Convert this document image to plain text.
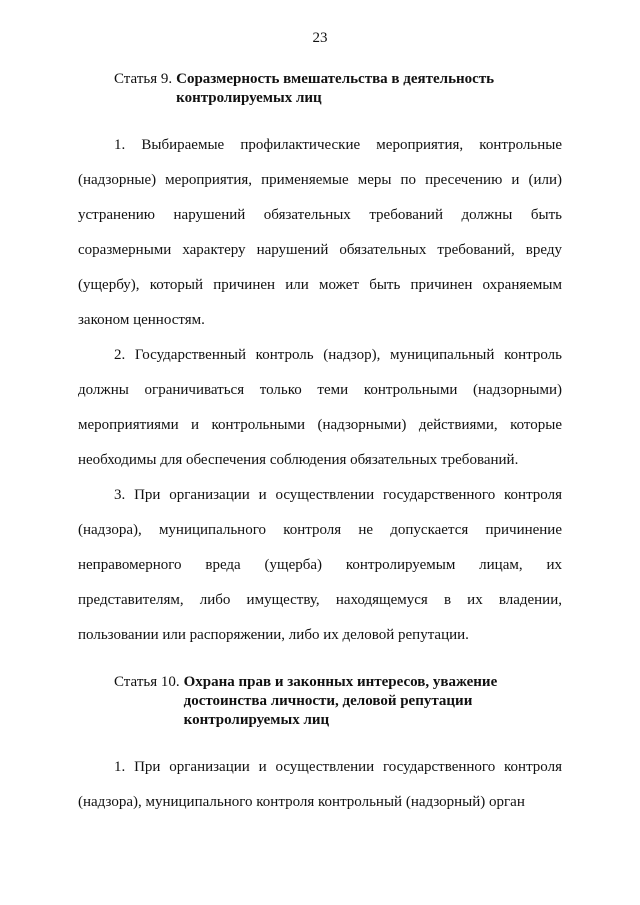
23
Статья 9. Соразмерность вмешательства в деятельность контролируемых лиц

1. Выбираемые профилактические мероприятия, контрольные (надзорные) мероприятия, применяемые меры по пресечению и (или) устранению нарушений обязательных требований должны быть соразмерными характеру нарушений обязательных требований, вреду (ущербу), который причинен или может быть причинен охраняемым законом ценностям.

2. Государственный контроль (надзор), муниципальный контроль должны ограничиваться только теми контрольными (надзорными) мероприятиями и контрольными (надзорными) действиями, которые необходимы для обеспечения соблюдения обязательных требований.

3. При организации и осуществлении государственного контроля (надзора), муниципального контроля не допускается причинение неправомерного вреда (ущерба) контролируемым лицам, их представителям, либо имуществу, находящемуся в их владении, пользовании или распоряжении, либо их деловой репутации.

Статья 10. Охрана прав и законных интересов, уважение достоинства личности, деловой репутации контролируемых лиц

1. При организации и осуществлении государственного контроля (надзора), муниципального контроля контрольный (надзорный) орган
